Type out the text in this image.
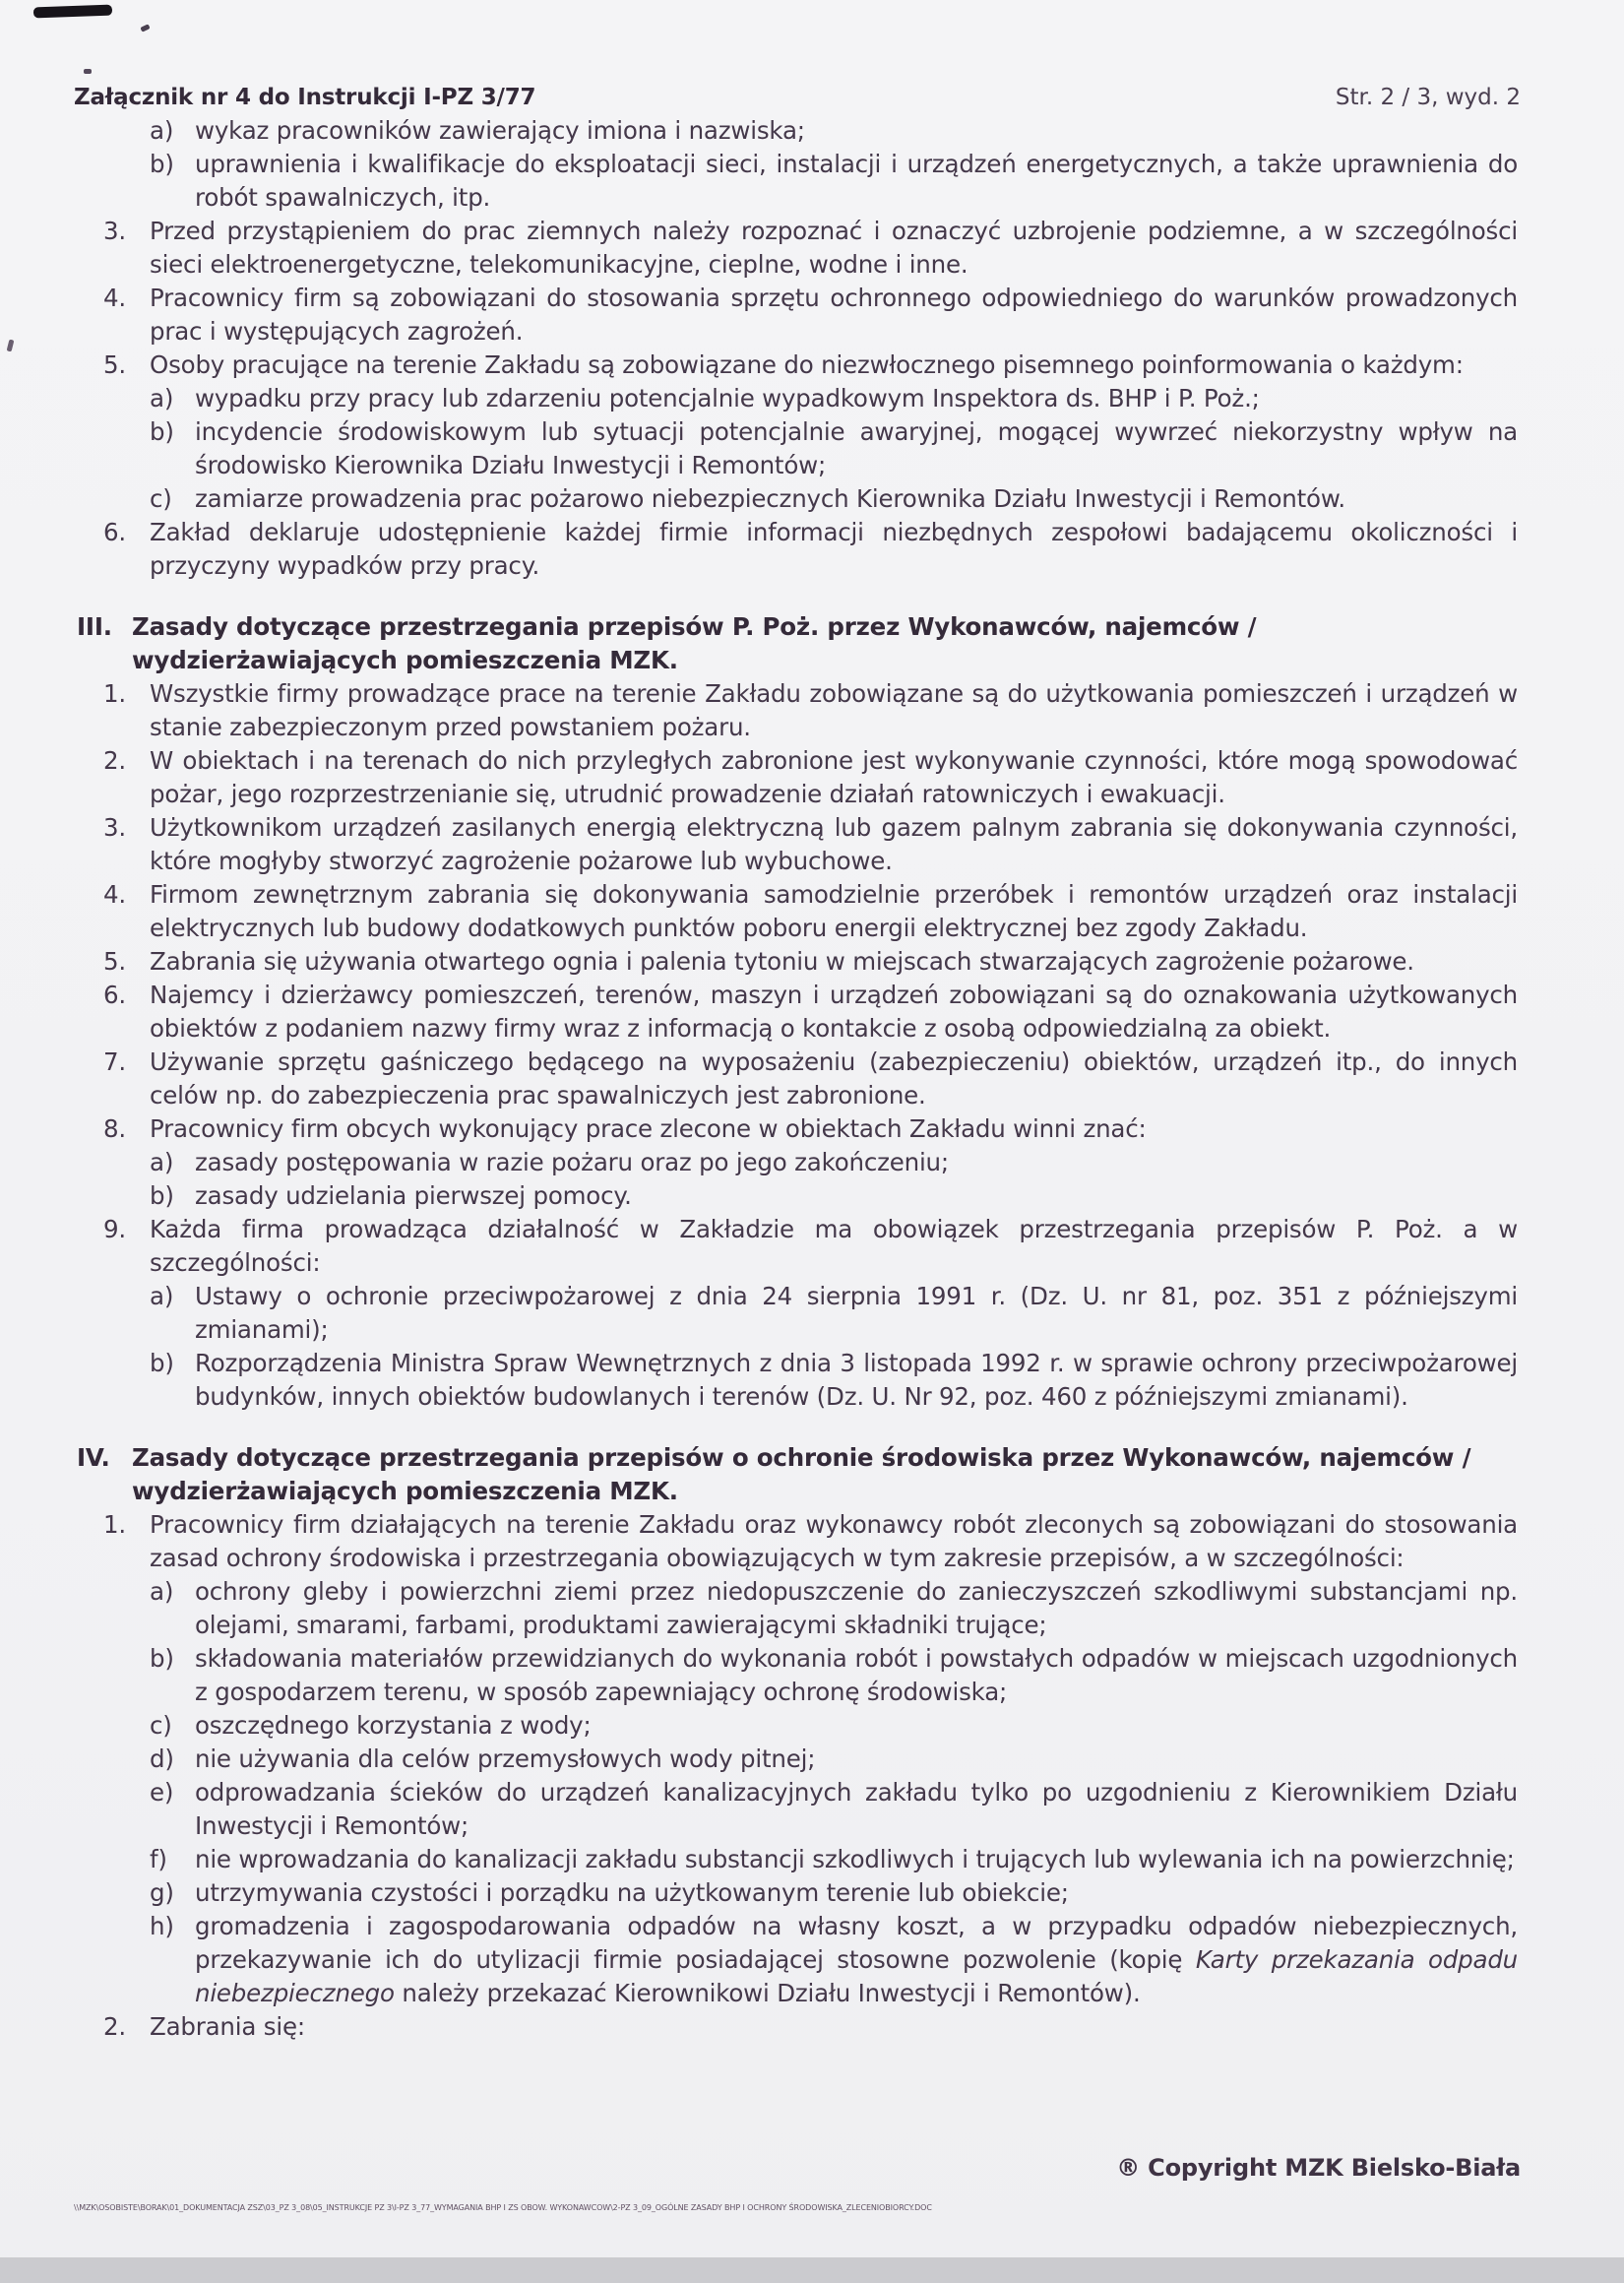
Załącznik nr 4 do Instrukcji I-PZ 3/77	Str. 2 / 3, wyd. 2
a) wykaz pracowników zawierający imiona i nazwiska;
b) uprawnienia i kwalifikacje do eksploatacji sieci, instalacji i urządzeń energetycznych, a także uprawnienia do robót spawalniczych, itp.
3. Przed przystąpieniem do prac ziemnych należy rozpoznać i oznaczyć uzbrojenie podziemne, a w szczególności sieci elektroenergetyczne, telekomunikacyjne, cieplne, wodne i inne.
4. Pracownicy firm są zobowiązani do stosowania sprzętu ochronnego odpowiedniego do warunków prowadzonych prac i występujących zagrożeń.
5. Osoby pracujące na terenie Zakładu są zobowiązane do niezwłocznego pisemnego poinformowania o każdym:
a) wypadku przy pracy lub zdarzeniu potencjalnie wypadkowym Inspektora ds. BHP i P. Poż.;
b) incydencie środowiskowym lub sytuacji potencjalnie awaryjnej, mogącej wywrzeć niekorzystny wpływ na środowisko Kierownika Działu Inwestycji i Remontów;
c) zamiarze prowadzenia prac pożarowo niebezpiecznych Kierownika Działu Inwestycji i Remontów.
6. Zakład deklaruje udostępnienie każdej firmie informacji niezbędnych zespołowi badającemu okoliczności i przyczyny wypadków przy pracy.
III. Zasady dotyczące przestrzegania przepisów P. Poż. przez Wykonawców, najemców / wydzierżawiających pomieszczenia MZK.
1. Wszystkie firmy prowadzące prace na terenie Zakładu zobowiązane są do użytkowania pomieszczeń i urządzeń w stanie zabezpieczonym przed powstaniem pożaru.
2. W obiektach i na terenach do nich przyległych zabronione jest wykonywanie czynności, które mogą spowodować pożar, jego rozprzestrzenianie się, utrudnić prowadzenie działań ratowniczych i ewakuacji.
3. Użytkownikom urządzeń zasilanych energią elektryczną lub gazem palnym zabrania się dokonywania czynności, które mogłyby stworzyć zagrożenie pożarowe lub wybuchowe.
4. Firmom zewnętrznym zabrania się dokonywania samodzielnie przeróbek i remontów urządzeń oraz instalacji elektrycznych lub budowy dodatkowych punktów poboru energii elektrycznej bez zgody Zakładu.
5. Zabrania się używania otwartego ognia i palenia tytoniu w miejscach stwarzających zagrożenie pożarowe.
6. Najemcy i dzierżawcy pomieszczeń, terenów, maszyn i urządzeń zobowiązani są do oznakowania użytkowanych obiektów z podaniem nazwy firmy wraz z informacją o kontakcie z osobą odpowiedzialną za obiekt.
7. Używanie sprzętu gaśniczego będącego na wyposażeniu (zabezpieczeniu) obiektów, urządzeń itp., do innych celów np. do zabezpieczenia prac spawalniczych jest zabronione.
8. Pracownicy firm obcych wykonujący prace zlecone w obiektach Zakładu winni znać:
a) zasady postępowania w razie pożaru oraz po jego zakończeniu;
b) zasady udzielania pierwszej pomocy.
9. Każda firma prowadząca działalność w Zakładzie ma obowiązek przestrzegania przepisów P. Poż. a w szczególności:
a) Ustawy o ochronie przeciwpożarowej z dnia 24 sierpnia 1991 r. (Dz. U. nr 81, poz. 351 z późniejszymi zmianami);
b) Rozporządzenia Ministra Spraw Wewnętrznych z dnia 3 listopada 1992 r. w sprawie ochrony przeciwpożarowej budynków, innych obiektów budowlanych i terenów (Dz. U. Nr 92, poz. 460 z późniejszymi zmianami).
IV. Zasady dotyczące przestrzegania przepisów o ochronie środowiska przez Wykonawców, najemców / wydzierżawiających pomieszczenia MZK.
1. Pracownicy firm działających na terenie Zakładu oraz wykonawcy robót zleconych są zobowiązani do stosowania zasad ochrony środowiska i przestrzegania obowiązujących w tym zakresie przepisów, a w szczególności:
a) ochrony gleby i powierzchni ziemi przez niedopuszczenie do zanieczyszczeń szkodliwymi substancjami np. olejami, smarami, farbami, produktami zawierającymi składniki trujące;
b) składowania materiałów przewidzianych do wykonania robót i powstałych odpadów w miejscach uzgodnionych z gospodarzem terenu, w sposób zapewniający ochronę środowiska;
c) oszczędnego korzystania z wody;
d) nie używania dla celów przemysłowych wody pitnej;
e) odprowadzania ścieków do urządzeń kanalizacyjnych zakładu tylko po uzgodnieniu z Kierownikiem Działu Inwestycji i Remontów;
f)	nie wprowadzania do kanalizacji zakładu substancji szkodliwych i trujących lub wylewania ich na powierzchnię;
g) utrzymywania czystości i porządku na użytkowanym terenie lub obiekcie;
h) gromadzenia i zagospodarowania odpadów na własny koszt, a w przypadku odpadów niebezpiecznych, przekazywanie ich do utylizacji firmie posiadającej stosowne pozwolenie (kopię Karty przekazania odpadu niebezpiecznego należy przekazać Kierownikowi Działu Inwestycji i Remontów).
2. Zabrania się:
® Copyright MZK Bielsko-Biała
\\MZK\OSOBISTE\BORAK\01_DOKUMENTACJA ZSZ\03_PZ 3_08\05_INSTRUKCJE PZ 3\I-PZ 3_77_WYMAGANIA BHP I ZS OBOW. WYKONAWCOW\2-PZ 3_09_OGÓLNE ZASADY BHP I OCHRONY ŚRODOWISKA_ZLECENIOBIORCY.DOC
